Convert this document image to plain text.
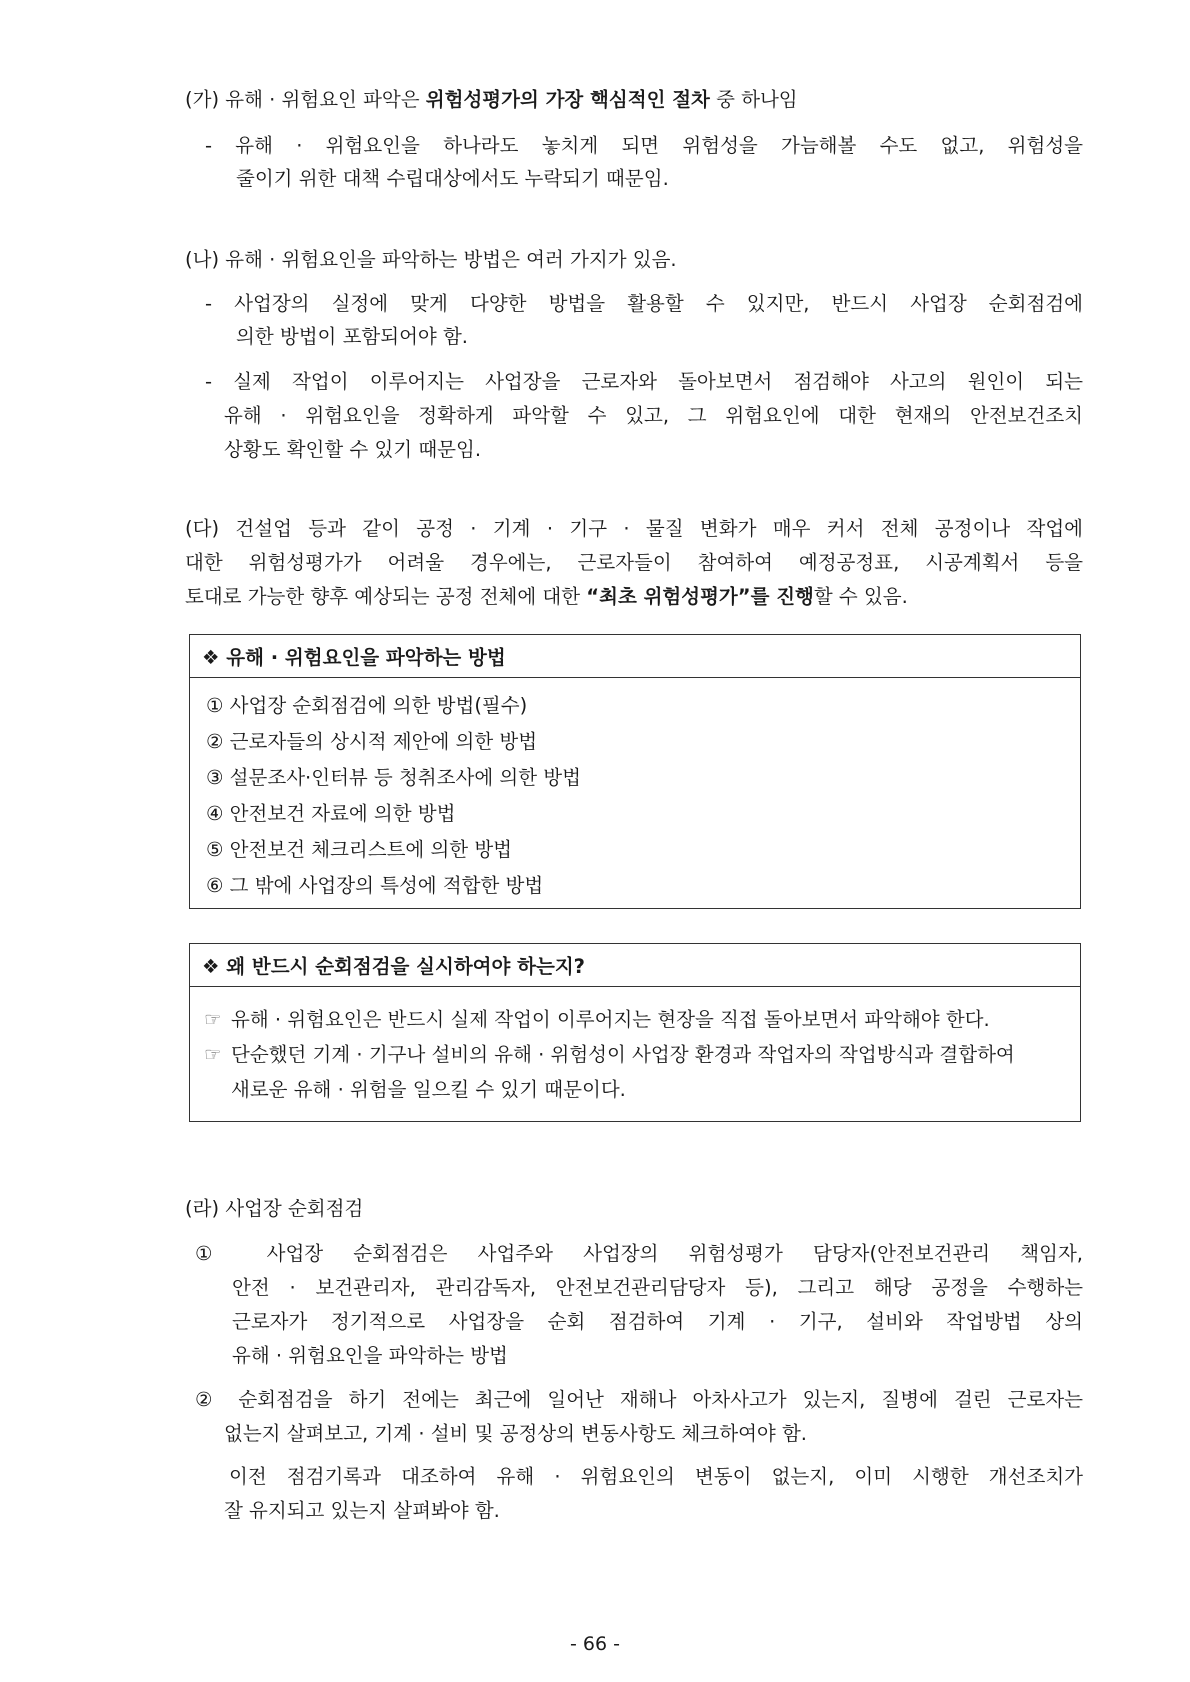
(가) 유해 · 위험요인 파악은 위험성평가의 가장 핵심적인 절차 중 하나임
- 유해 · 위험요인을 하나라도 놓치게 되면 위험성을 가늠해볼 수도 없고, 위험성을
줄이기 위한 대책 수립대상에서도 누락되기 때문임.
(나) 유해 · 위험요인을 파악하는 방법은 여러 가지가 있음.
- 사업장의 실정에 맞게 다양한 방법을 활용할 수 있지만, 반드시 사업장 순회점검에
의한 방법이 포함되어야 함.
- 실제 작업이 이루어지는 사업장을 근로자와 돌아보면서 점검해야 사고의 원인이 되는
유해 · 위험요인을 정확하게 파악할 수 있고, 그 위험요인에 대한 현재의 안전보건조치
상황도 확인할 수 있기 때문임.
(다) 건설업 등과 같이 공정 · 기계 · 기구 · 물질 변화가 매우 커서 전체 공정이나 작업에
대한 위험성평가가 어려울 경우에는, 근로자들이 참여하여 예정공정표, 시공계획서 등을
토대로 가능한 향후 예상되는 공정 전체에 대한 “최초 위험성평가”를 진행할 수 있음.
❖ 유해 · 위험요인을 파악하는 방법
① 사업장 순회점검에 의한 방법(필수)
② 근로자들의 상시적 제안에 의한 방법
③ 설문조사·인터뷰 등 청취조사에 의한 방법
④ 안전보건 자료에 의한 방법
⑤ 안전보건 체크리스트에 의한 방법
⑥ 그 밖에 사업장의 특성에 적합한 방법
❖ 왜 반드시 순회점검을 실시하여야 하는지?
☞ 유해 · 위험요인은 반드시 실제 작업이 이루어지는 현장을 직접 돌아보면서 파악해야 한다.
☞ 단순했던 기계 · 기구나 설비의 유해 · 위험성이 사업장 환경과 작업자의 작업방식과 결합하여
새로운 유해 · 위험을 일으킬 수 있기 때문이다.
(라) 사업장 순회점검
① 사업장 순회점검은 사업주와 사업장의 위험성평가 담당자(안전보건관리 책임자,
안전 · 보건관리자, 관리감독자, 안전보건관리담당자 등), 그리고 해당 공정을 수행하는
근로자가 정기적으로 사업장을 순회 점검하여 기계 · 기구, 설비와 작업방법 상의
유해 · 위험요인을 파악하는 방법
② 순회점검을 하기 전에는 최근에 일어난 재해나 아차사고가 있는지, 질병에 걸린 근로자는
없는지 살펴보고, 기계 · 설비 및 공정상의 변동사항도 체크하여야 함.
이전 점검기록과 대조하여 유해 · 위험요인의 변동이 없는지, 이미 시행한 개선조치가
잘 유지되고 있는지 살펴봐야 함.
- 66 -
